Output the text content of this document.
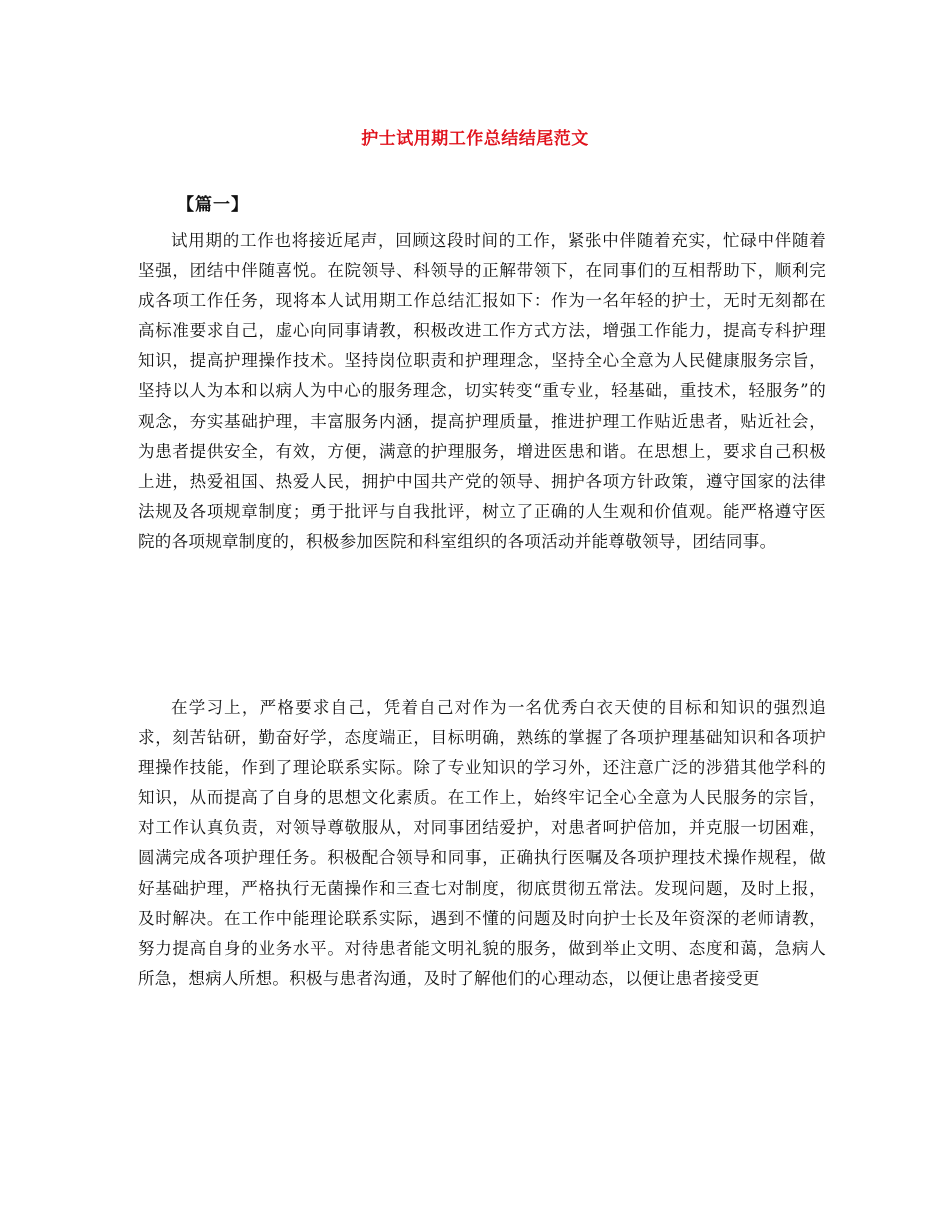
护士试用期工作总结结尾范文
【篇一】

试用期的工作也将接近尾声，回顾这段时间的工作，紧张中伴随着充实，忙碌中伴随着坚强，团结中伴随喜悦。在院领导、科领导的正解带领下，在同事们的互相帮助下，顺利完成各项工作任务，现将本人试用期工作总结汇报如下：作为一名年轻的护士，无时无刻都在高标准要求自己，虚心向同事请教，积极改进工作方式方法，增强工作能力，提高专科护理知识，提高护理操作技术。坚持岗位职责和护理理念，坚持全心全意为人民健康服务宗旨，坚持以人为本和以病人为中心的服务理念，切实转变“重专业，轻基础，重技术，轻服务”的观念，夯实基础护理，丰富服务内涵，提高护理质量，推进护理工作贴近患者，贴近社会，为患者提供安全，有效，方便，满意的护理服务，增进医患和谐。在思想上，要求自己积极上进，热爱祖国、热爱人民，拥护中国共产党的领导、拥护各项方针政策，遵守国家的法律法规及各项规章制度；勇于批评与自我批评，树立了正确的人生观和价值观。能严格遵守医院的各项规章制度的，积极参加医院和科室组织的各项活动并能尊敬领导，团结同事。

在学习上，严格要求自己，凭着自己对作为一名优秀白衣天使的目标和知识的强烈追求，刻苦钻研，勤奋好学，态度端正，目标明确，熟练的掌握了各项护理基础知识和各项护理操作技能，作到了理论联系实际。除了专业知识的学习外，还注意广泛的涉猎其他学科的知识，从而提高了自身的思想文化素质。在工作上，始终牢记全心全意为人民服务的宗旨，对工作认真负责，对领导尊敬服从，对同事团结爱护，对患者呵护倍加，并克服一切困难，圆满完成各项护理任务。积极配合领导和同事，正确执行医嘱及各项护理技术操作规程，做好基础护理，严格执行无菌操作和三查七对制度，彻底贯彻五常法。发现问题，及时上报，及时解决。在工作中能理论联系实际，遇到不懂的问题及时向护士长及年资深的老师请教，努力提高自身的业务水平。对待患者能文明礼貌的服务，做到举止文明、态度和蔼，急病人所急，想病人所想。积极与患者沟通，及时了解他们的心理动态，以便让患者接受更
